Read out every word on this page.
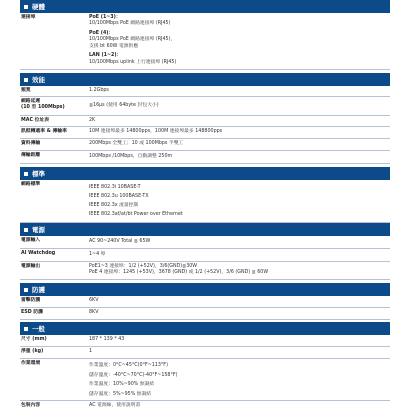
硬體
連接埠	PoE (1~3)：
10/100Mbps PoE 網路連接埠 (RJ45)
PoE (4)：
10/100Mbps PoE 網路連接埠 (RJ45)，
支援 bt 60W 電源供應
LAN (1~2)：
10/100Mbps uplink 上行連接埠 (RJ45)
效能
頻寬	1.2Gbps
網路延遲
(10 至 100Mbps)	≦16μs (使用 64byte 封包大小)
MAC 位址表	2K
訊框轉遞率 & 傳輸率	10M 連接埠最多 14800pps，100M 連接埠最多 148800pps
資料傳輸	200Mbps 全雙工；10 或 100Mbps 半雙工
傳輸距離	100Mbps /10Mbps，自動調整 250m
標準
網路標準
IEEE 802.3i 10BASE-T
IEEE 802.3u 100BASE-TX
IEEE 802.3x 流量控制
IEEE 802.3af/at/bt Power over Ethernet
電源
電源輸入	AC 90~240V Total ≦ 65W
AI Watchdog	1~4 埠
電源輸出	PoE1~3 連接埠：1/2 (+52V)，3/6(GND)≦30W
PoE 4 連接埠：1245 (+53V)，3678 (GND) 或 1/2 (+52V)，3/6 (GND) ≦ 60W
防護
雷擊防護	6KV
ESD 防護	8KV
一般
尺寸 (mm)	187 * 139 * 43
淨重 (kg)	1
作業環境	作業溫度：0°C~45°C(0°F~113°F)
儲存溫度：-40°C~70°C(-40°F~158°F)
作業濕度：10%~90% 無凝結
儲存濕度：5%~95% 無凝結
包裝內容	AC 電源線，使用說明書
